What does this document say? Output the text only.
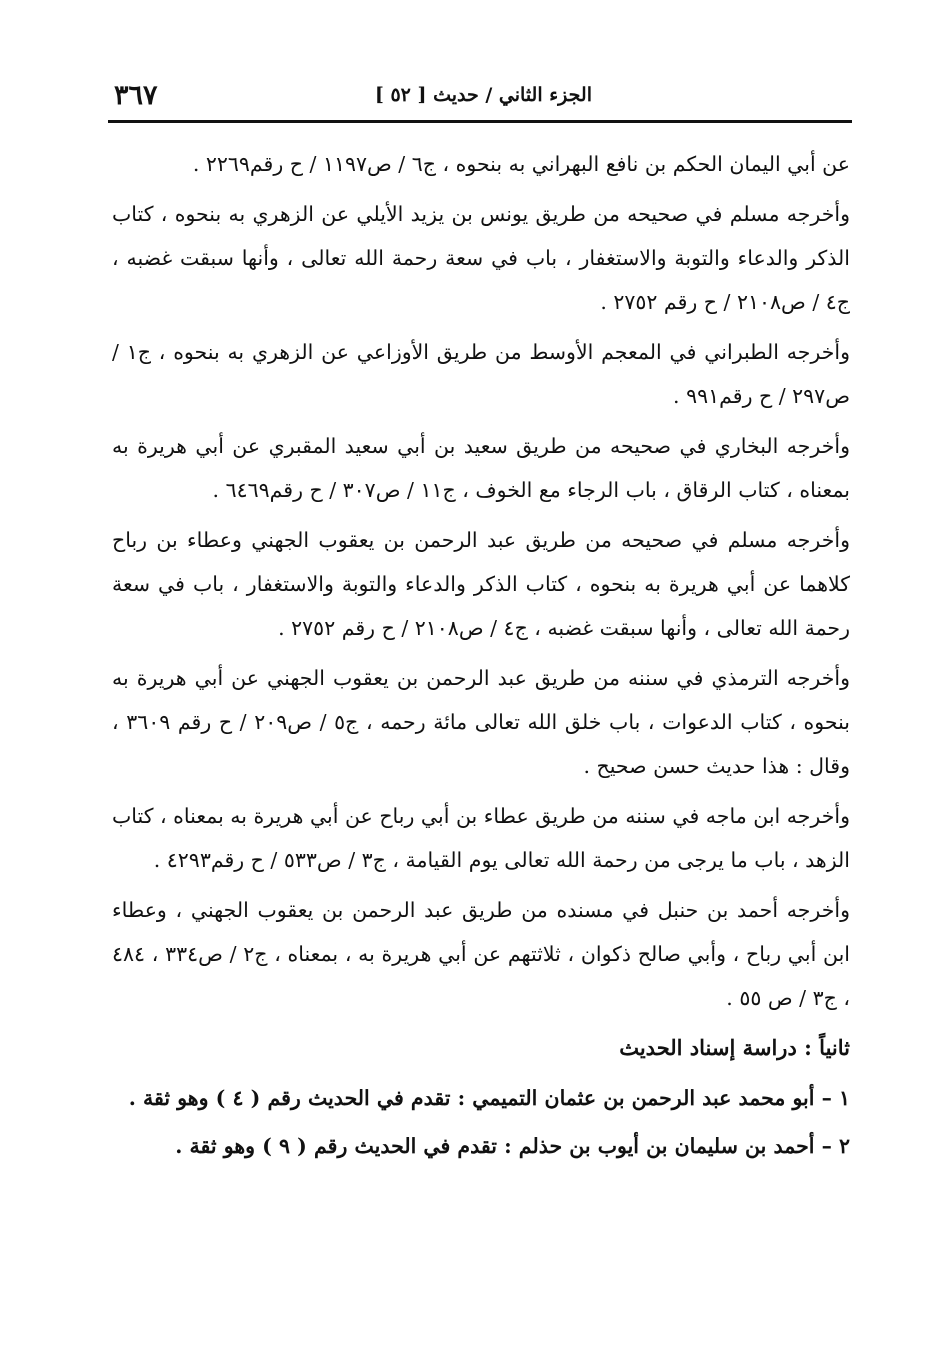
الجزء الثاني / حديث [ ٥٢ ]
٣٦٧

عن أبي اليمان الحكم بن نافع البهراني به بنحوه ، ج٦ / ص١١٩٧ / ح رقم٢٢٦٩ .

وأخرجه مسلم في صحيحه من طريق يونس بن يزيد الأيلي عن الزهري به بنحوه ، كتاب الذكر والدعاء والتوبة والاستغفار ، باب في سعة رحمة الله تعالى ، وأنها سبقت غضبه ، ج٤ / ص٢١٠٨ / ح رقم ٢٧٥٢ .

وأخرجه الطبراني في المعجم الأوسط من طريق الأوزاعي عن الزهري به بنحوه ، ج١ / ص٢٩٧ / ح رقم٩٩١ .

وأخرجه البخاري في صحيحه من طريق سعيد بن أبي سعيد المقبري عن أبي هريرة به بمعناه ، كتاب الرقاق ، باب الرجاء مع الخوف ، ج١١ / ص٣٠٧ / ح رقم٦٤٦٩ .

وأخرجه مسلم في صحيحه من طريق عبد الرحمن بن يعقوب الجهني وعطاء بن رباح كلاهما عن أبي هريرة به بنحوه ، كتاب الذكر والدعاء والتوبة والاستغفار ، باب في سعة رحمة الله تعالى ، وأنها سبقت غضبه ، ج٤ / ص٢١٠٨ / ح رقم ٢٧٥٢ .

وأخرجه الترمذي في سننه من طريق عبد الرحمن بن يعقوب الجهني عن أبي هريرة به بنحوه ، كتاب الدعوات ، باب خلق الله تعالى مائة رحمه ، ج٥ / ص٢٠٩ / ح رقم ٣٦٠٩ ، وقال : هذا حديث حسن صحيح .

وأخرجه ابن ماجه في سننه من طريق عطاء بن أبي رباح عن أبي هريرة به بمعناه ، كتاب الزهد ، باب ما يرجى من رحمة الله تعالى يوم القيامة ، ج٣ / ص٥٣٣ / ح رقم٤٢٩٣ .

وأخرجه أحمد بن حنبل في مسنده من طريق عبد الرحمن بن يعقوب الجهني ، وعطاء ابن أبي رباح ، وأبي صالح ذكوان ، ثلاثتهم عن أبي هريرة به ، بمعناه ، ج٢ / ص٣٣٤ ، ٤٨٤ ، ج٣ / ص ٥٥ .

ثانياً : دراسة إسناد الحديث

١ – أبو محمد عبد الرحمن بن عثمان التميمي : تقدم في الحديث رقم ( ٤ ) وهو ثقة .

٢ – أحمد بن سليمان بن أيوب بن حذلم : تقدم في الحديث رقم ( ٩ ) وهو ثقة .
